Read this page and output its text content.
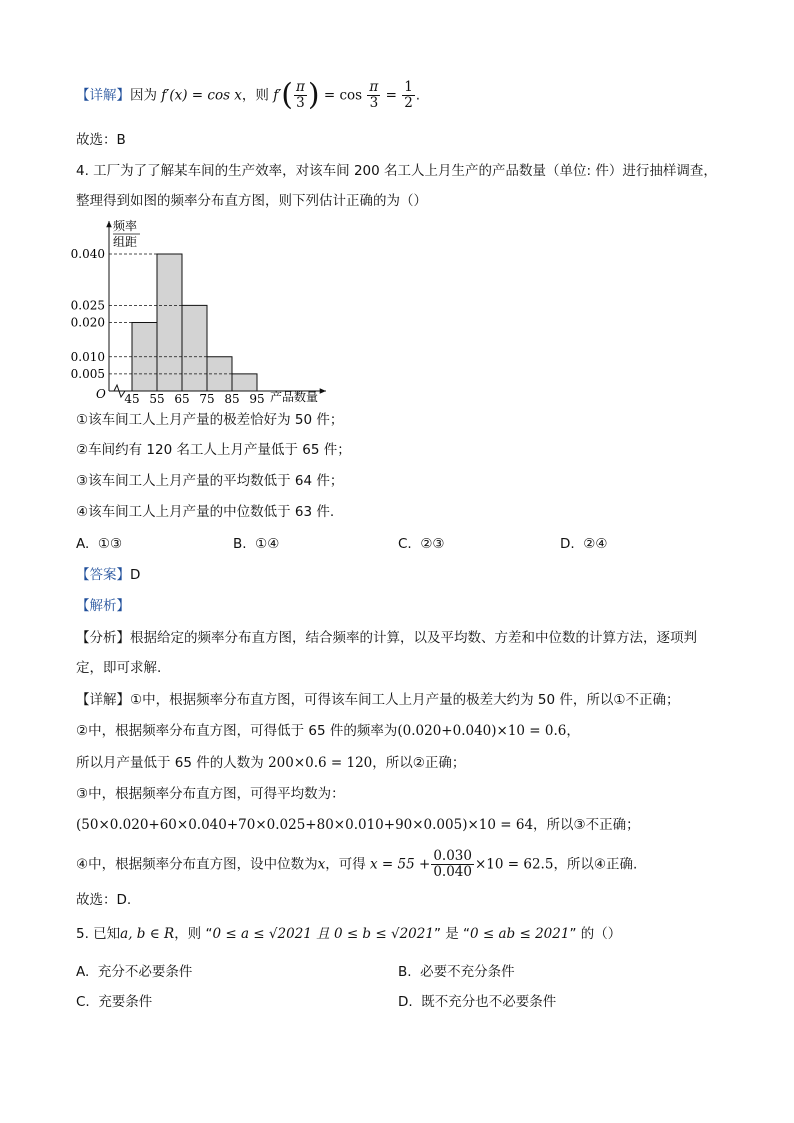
【详解】因为 f′(x) = cos x，则 $f'( \frac{\pi}{3}$ ) = $\cos \frac{\pi}{3} = \frac{1}{2}$ .
故选：B
4. 工厂为了了解某车间的生产效率，对该车间 200 名工人上月生产的产品数量（单位: 件）进行抽样调查，
整理得到如图的频率分布直方图，则下列估计正确的为（）
频率
组距
O	产品数量
0.040
0.025
0.020
0.010
0.005
45 55 65 75 85 95
①该车间工人上月产量的极差恰好为 50 件；
②车间约有 120 名工人上月产量低于 65 件；
③该车间工人上月产量的平均数低于 64 件；
④该车间工人上月产量的中位数低于 63 件.
A. ①③	B. ①④	C. ②③	D. ②④
【答案】D
【解析】
【分析】根据给定的频率分布直方图，结合频率的计算，以及平均数、方差和中位数的计算方法，逐项判
定，即可求解.
【详解】①中，根据频率分布直方图，可得该车间工人上月产量的极差大约为 50 件，所以①不正确；
②中，根据频率分布直方图，可得低于 65 件的频率为(0.020+0.040)×10 = 0.6，
所以月产量低于 65 件的人数为 200×0.6 = 120，所以②正确；
③中，根据频率分布直方图，可得平均数为：
(50×0.020+60×0.040+70×0.025+80×0.010+90×0.005)×10 = 64，所以③不正确；
④中，根据频率分布直方图，设中位数为x，可得 $x = 55 + \frac{0.030}{0.040} \times 10 = 62.5$，所以④正确.
故选：D.
5. 已知a, b ∈ R，则 “0 ≤ a ≤ √2021 且 0 ≤ b ≤ √2021” 是 “0 ≤ ab ≤ 2021” 的（）
A. 充分不必要条件	B. 必要不充分条件
C. 充要条件	D. 既不充分也不必要条件
